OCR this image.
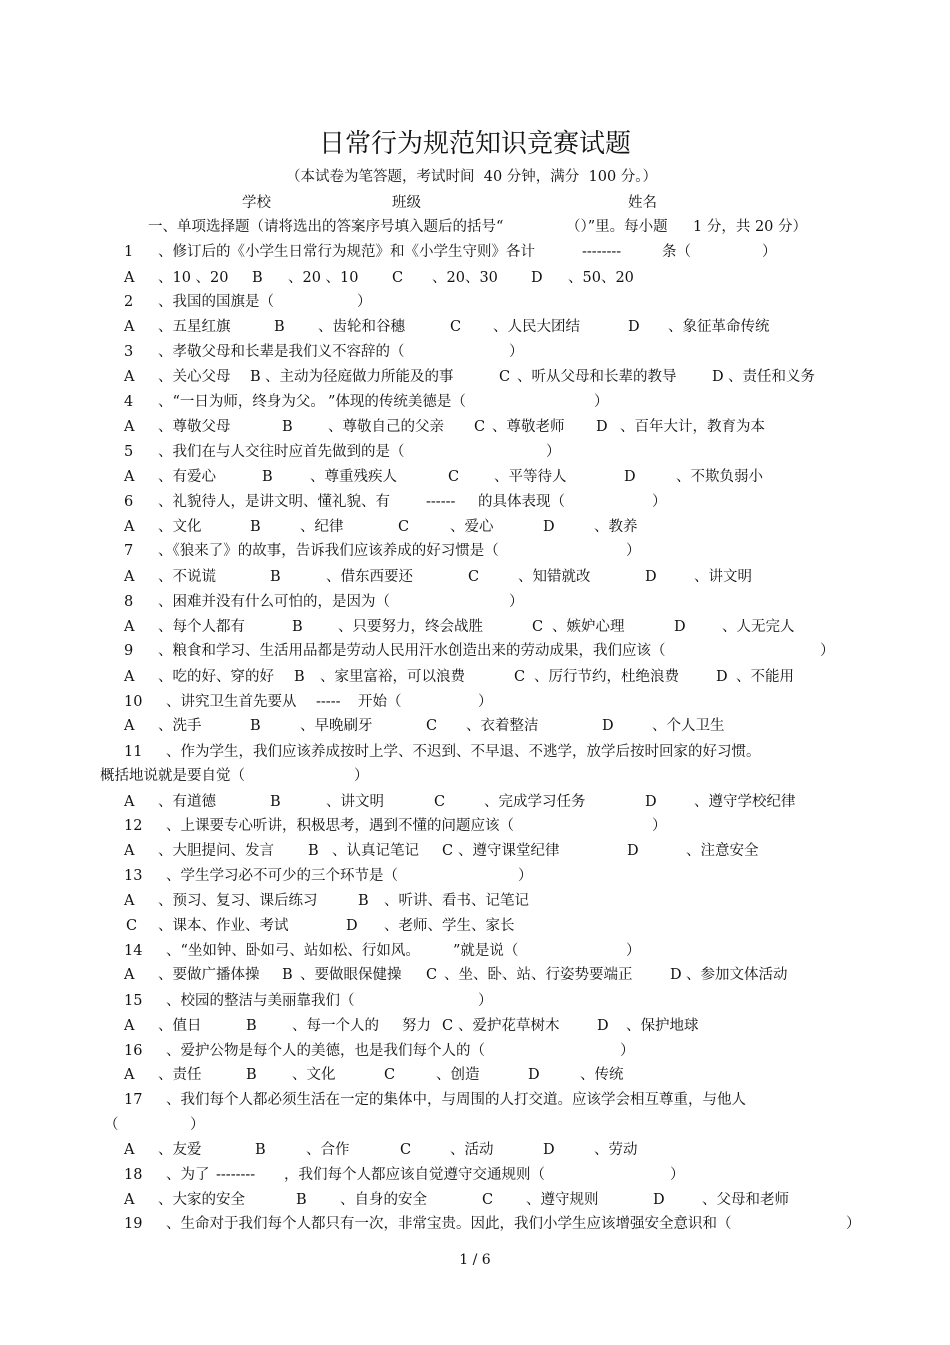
日常行为规范知识竞赛试题
（本试卷为笔答题，考试时间  40 分钟，满分  100 分。）
学校	班级	姓名
一、单项选择题（请将选出的答案序号填入题后的括号“	（）”里。每小题 1 分，共 20 分）
1 、修订后的《小学生日常行为规范》和《小学生守则》各计	--------	条（	）
A 、10 、20 B 、20 、10 C 、20、30 D 、50、20
2 、我国的国旗是（	）
A 、五星红旗	B 、齿轮和谷穗	C 、人民大团结	D 、象征革命传统
3 、孝敬父母和长辈是我们义不容辞的（	）
A 、关心父母 B 、主动为径庭做力所能及的事	C 、听从父母和长辈的教导 D 、责任和义务
4 、“一日为师，终身为父。 ”体现的传统美德是（	）
A 、尊敬父母	B 、尊敬自己的父亲 C 、尊敬老师 D 、百年大计，教育为本
5 、我们在与人交往时应首先做到的是（	）
A 、有爱心	B	、尊重残疾人	C 、平等待人	D	、不欺负弱小
6 、礼貌待人，是讲文明、懂礼貌、有 ------ 的具体表现（	）
A 、文化	B	、纪律	C	、爱心	D	、教养
7 、《狼来了》的故事，告诉我们应该养成的好习惯是（	）
A 、不说谎	B	、借东西要还	C	、知错就改	D	、讲文明
8 、困难并没有什么可怕的，是因为（	）
A 、每个人都有	B 、只要努力，终会战胜	C 、嫉妒心理	D	、人无完人
9 、粮食和学习、生活用品都是劳动人民用汗水创造出来的劳动成果，我们应该（	）
A 、吃的好、穿的好 B 、家里富裕，可以浪费	C 、厉行节约，杜绝浪费	D 、不能用
10 、讲究卫生首先要从 ----- 开始（	）
A 、洗手	B	、早晚刷牙	C 、衣着整洁	D	、个人卫生
11 、作为学生，我们应该养成按时上学、不迟到、不早退、不逃学，放学后按时回家的好习惯。
概括地说就是要自觉（	）
A 、有道德	B	、讲文明	C	、完成学习任务	D	、遵守学校纪律
12 、上课要专心听讲，积极思考，遇到不懂的问题应该（	）
A 、大胆提问、发言 B 、认真记笔记 C 、遵守课堂纪律	D	、注意安全
13 、学生学习必不可少的三个环节是（	）
A 、预习、复习、课后练习	B 、听讲、看书、记笔记
C 、课本、作业、考试	D 、老师、学生、家长
14 、“坐如钟、卧如弓、站如松、行如风。 ”就是说（	）
A 、要做广播体操 B 、要做眼保健操 C 、坐、卧、站、行姿势要端正	D 、参加文体活动
15 、校园的整洁与美丽靠我们（	）
A 、值日	B 、每一个人的 努力 C 、爱护花草树木	D 、保护地球
16 、爱护公物是每个人的美德，也是我们每个人的（	）
A 、责任	B 、文化	C	、创造	D	、传统
17 、我们每个人都必须生活在一定的集体中，与周围的人打交道。应该学会相互尊重，与他人
（	）
A 、友爱	B	、合作	C	、活动	D	、劳动
18 、为了 -------- ，我们每个人都应该自觉遵守交通规则（	）
A 、大家的安全	B 、自身的安全	C 、遵守规则	D	、父母和老师
19 、生命对于我们每个人都只有一次，非常宝贵。因此，我们小学生应该增强安全意识和（	）
1 / 6
